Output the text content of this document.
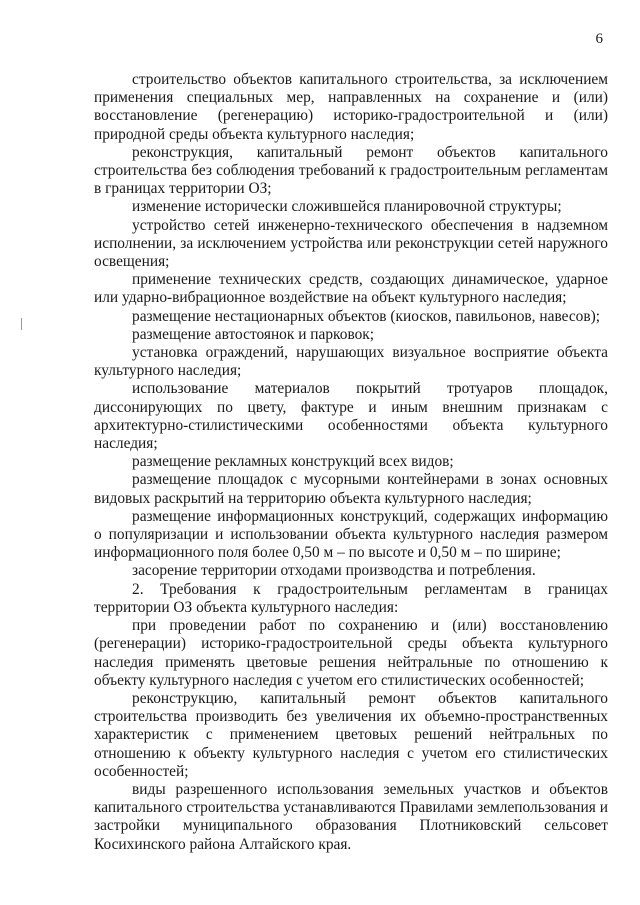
6

строительство объектов капитального строительства, за исключением применения специальных мер, направленных на сохранение и (или) восстановление (регенерацию) историко-градостроительной и (или) природной среды объекта культурного наследия;

реконструкция, капитальный ремонт объектов капитального строительства без соблюдения требований к градостроительным регламентам в границах территории ОЗ;

изменение исторически сложившейся планировочной структуры;

устройство сетей инженерно-технического обеспечения в надземном исполнении, за исключением устройства или реконструкции сетей наружного освещения;

применение технических средств, создающих динамическое, ударное или ударно-вибрационное воздействие на объект культурного наследия;

размещение нестационарных объектов (киосков, павильонов, навесов);

размещение автостоянок и парковок;

установка ограждений, нарушающих визуальное восприятие объекта культурного наследия;

использование материалов покрытий тротуаров площадок, диссонирующих по цвету, фактуре и иным внешним признакам с архитектурно-стилистическими особенностями объекта культурного наследия;

размещение рекламных конструкций всех видов;

размещение площадок с мусорными контейнерами в зонах основных видовых раскрытий на территорию объекта культурного наследия;

размещение информационных конструкций, содержащих информацию о популяризации и использовании объекта культурного наследия размером информационного поля более 0,50 м – по высоте и 0,50 м – по ширине;

засорение территории отходами производства и потребления.

2. Требования к градостроительным регламентам в границах территории ОЗ объекта культурного наследия:

при проведении работ по сохранению и (или) восстановлению (регенерации) историко-градостроительной среды объекта культурного наследия применять цветовые решения нейтральные по отношению к объекту культурного наследия с учетом его стилистических особенностей;

реконструкцию, капитальный ремонт объектов капитального строительства производить без увеличения их объемно-пространственных характеристик с применением цветовых решений нейтральных по отношению к объекту культурного наследия с учетом его стилистических особенностей;

виды разрешенного использования земельных участков и объектов капитального строительства устанавливаются Правилами землепользования и застройки муниципального образования Плотниковский сельсовет Косихинского района Алтайского края.
